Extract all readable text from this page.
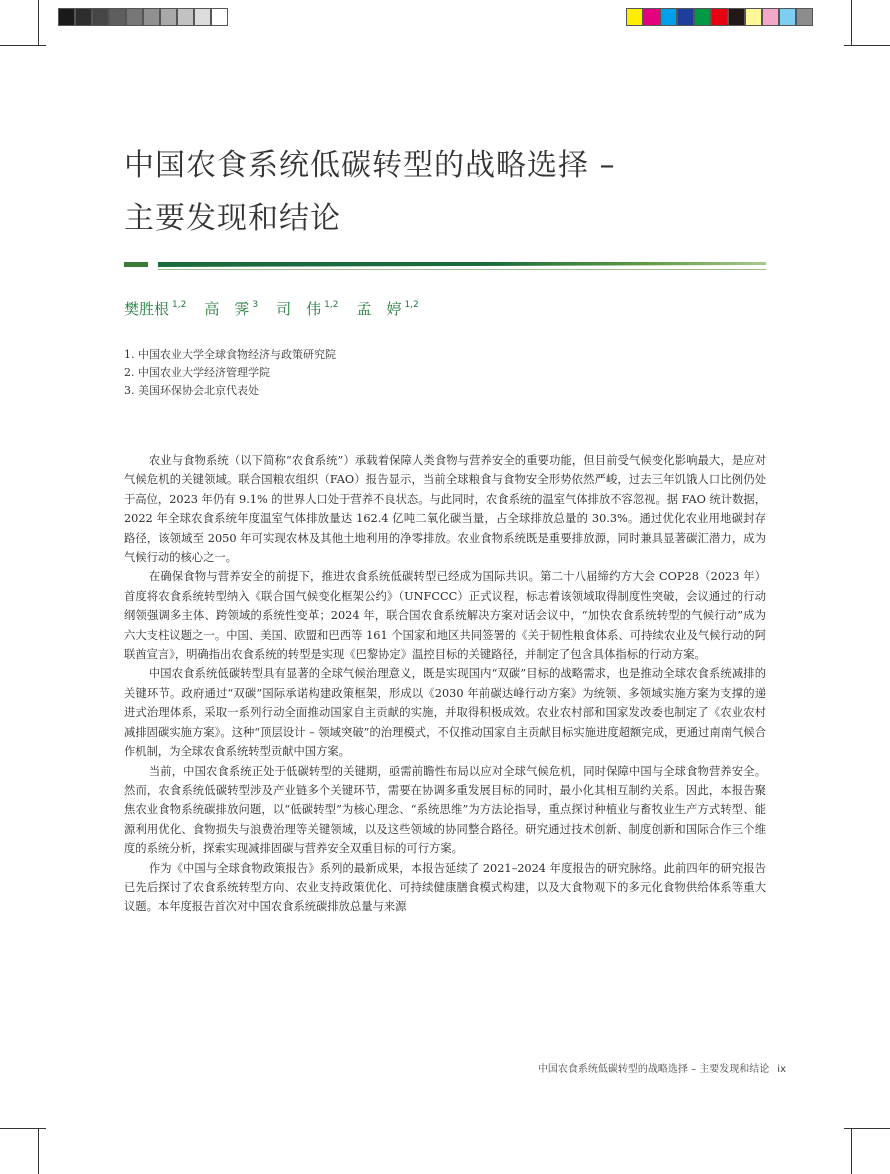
中国农食系统低碳转型的战略选择 –
主要发现和结论
樊胜根 $^{1,2}$ 高　霁 $^3$ 司　伟 $^{1,2}$ 孟　婷 $^{1,2}$
1. 中国农业大学全球食物经济与政策研究院
2. 中国农业大学经济管理学院
3. 美国环保协会北京代表处

农业与食物系统（以下简称“农食系统”）承载着保障人类食物与营养安全的重要功能，但目前受气候变化影响最大，是应对气候危机的关键领域。联合国粮农组织（FAO）报告显示，当前全球粮食与食物安全形势依然严峻，过去三年饥饿人口比例仍处于高位，2023 年仍有 9.1% 的世界人口处于营养不良状态。与此同时，农食系统的温室气体排放不容忽视。据 FAO 统计数据，2022 年全球农食系统年度温室气体排放量达 162.4 亿吨二氧化碳当量，占全球排放总量的 30.3%。通过优化农业用地碳封存路径，该领域至 2050 年可实现农林及其他土地利用的净零排放。农业食物系统既是重要排放源，同时兼具显著碳汇潜力，成为气候行动的核心之一。

在确保食物与营养安全的前提下，推进农食系统低碳转型已经成为国际共识。第二十八届缔约方大会 COP28（2023 年）首度将农食系统转型纳入《联合国气候变化框架公约》（UNFCCC）正式议程，标志着该领域取得制度性突破，会议通过的行动纲领强调多主体、跨领域的系统性变革；2024 年，联合国农食系统解决方案对话会议中，“加快农食系统转型的气候行动”成为六大支柱议题之一。中国、美国、欧盟和巴西等 161 个国家和地区共同签署的《关于韧性粮食体系、可持续农业及气候行动的阿联酋宣言》，明确指出农食系统的转型是实现《巴黎协定》温控目标的关键路径，并制定了包含具体指标的行动方案。

中国农食系统低碳转型具有显著的全球气候治理意义，既是实现国内“双碳”目标的战略需求，也是推动全球农食系统减排的关键环节。政府通过“双碳”国际承诺构建政策框架，形成以《2030 年前碳达峰行动方案》为统领、多领域实施方案为支撑的递进式治理体系，采取一系列行动全面推动国家自主贡献的实施，并取得积极成效。农业农村部和国家发改委也制定了《农业农村减排固碳实施方案》。这种“顶层设计 – 领域突破”的治理模式，不仅推动国家自主贡献目标实施进度超额完成，更通过南南气候合作机制，为全球农食系统转型贡献中国方案。

当前，中国农食系统正处于低碳转型的关键期，亟需前瞻性布局以应对全球气候危机，同时保障中国与全球食物营养安全。然而，农食系统低碳转型涉及产业链多个关键环节，需要在协调多重发展目标的同时，最小化其相互制约关系。因此，本报告聚焦农业食物系统碳排放问题，以“低碳转型”为核心理念、“系统思维”为方法论指导，重点探讨种植业与畜牧业生产方式转型、能源利用优化、食物损失与浪费治理等关键领域，以及这些领域的协同整合路径。研究通过技术创新、制度创新和国际合作三个维度的系统分析，探索实现减排固碳与营养安全双重目标的可行方案。

作为《中国与全球食物政策报告》系列的最新成果，本报告延续了 2021–2024 年度报告的研究脉络。此前四年的研究报告已先后探讨了农食系统转型方向、农业支持政策优化、可持续健康膳食模式构建，以及大食物观下的多元化食物供给体系等重大议题。本年度报告首次对中国农食系统碳排放总量与来源

中国农食系统低碳转型的战略选择 – 主要发现和结论 ix
